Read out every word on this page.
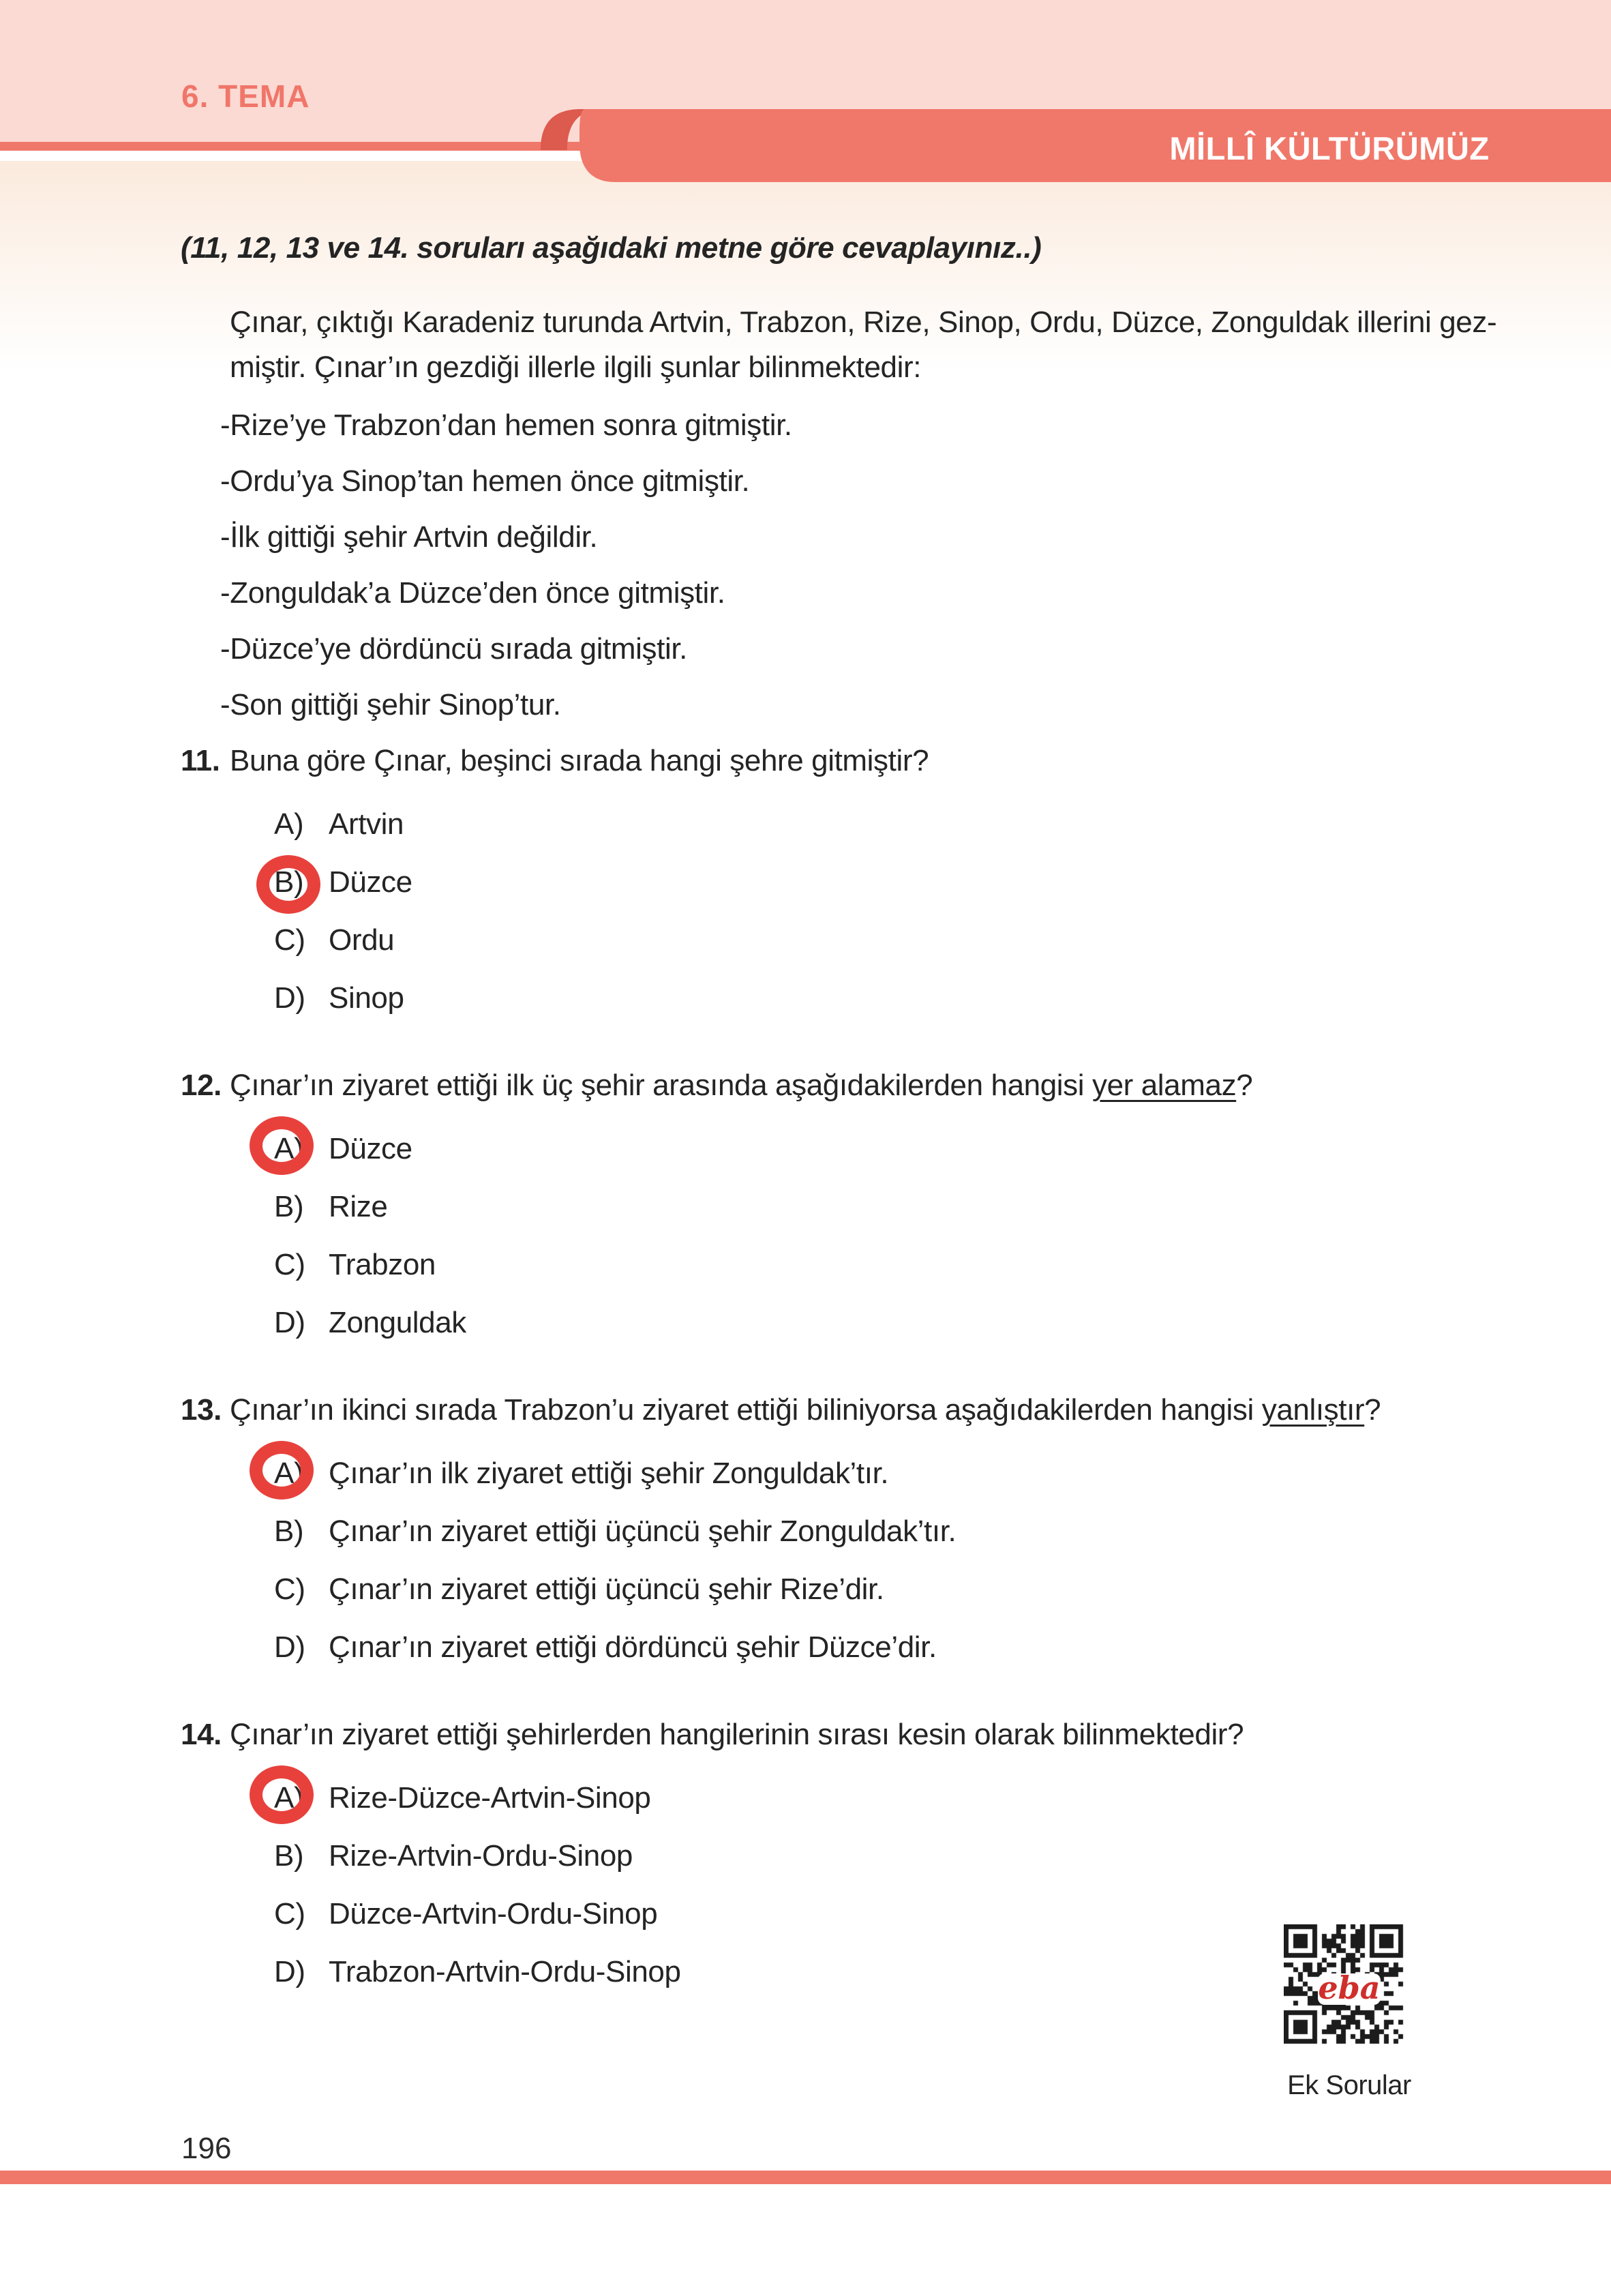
6. TEMA
MİLLÎ KÜLTÜRÜMÜZ
(11, 12, 13 ve 14. soruları aşağıdaki metne göre cevaplayınız..)
Çınar, çıktığı Karadeniz turunda Artvin, Trabzon, Rize, Sinop, Ordu, Düzce, Zonguldak illerini gez-
miştir. Çınar’ın gezdiği illerle ilgili şunlar bilinmektedir:
-Rize’ye Trabzon’dan hemen sonra gitmiştir.
-Ordu’ya Sinop’tan hemen önce gitmiştir.
-İlk gittiği şehir Artvin değildir.
-Zonguldak’a Düzce’den önce gitmiştir.
-Düzce’ye dördüncü sırada gitmiştir.
-Son gittiği şehir Sinop’tur.
11. Buna göre Çınar, beşinci sırada hangi şehre gitmiştir?
A) Artvin
B) Düzce
C) Ordu
D) Sinop
12. Çınar’ın ziyaret ettiği ilk üç şehir arasında aşağıdakilerden hangisi yer alamaz?
A) Düzce
B) Rize
C) Trabzon
D) Zonguldak
13. Çınar’ın ikinci sırada Trabzon’u ziyaret ettiği biliniyorsa aşağıdakilerden hangisi yanlıştır?
A) Çınar’ın ilk ziyaret ettiği şehir Zonguldak’tır.
B) Çınar’ın ziyaret ettiği üçüncü şehir Zonguldak’tır.
C) Çınar’ın ziyaret ettiği üçüncü şehir Rize’dir.
D) Çınar’ın ziyaret ettiği dördüncü şehir Düzce’dir.
14. Çınar’ın ziyaret ettiği şehirlerden hangilerinin sırası kesin olarak bilinmektedir?
A) Rize-Düzce-Artvin-Sinop
B) Rize-Artvin-Ordu-Sinop
C) Düzce-Artvin-Ordu-Sinop
D) Trabzon-Artvin-Ordu-Sinop	eba
Ek Sorular
196
